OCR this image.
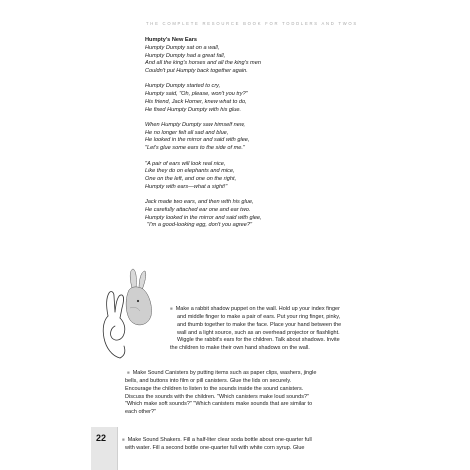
THE COMPLETE RESOURCE BOOK FOR TODDLERS AND TWOS
Humpty's New Ears
Humpty Dumpty sat on a wall,
Humpty Dumpty had a great fall,
And all the king's horses and all the king's men
Couldn't put Humpty back together again.
Humpty Dumpty started to cry,
Humpty said, "Oh, please, won't you try?"
His friend, Jack Horner, knew what to do,
He fixed Humpty Dumpty with his glue.
When Humpty Dumpty saw himself new,
He no longer felt all sad and blue,
He looked in the mirror and said with glee,
"Let's glue some ears to the side of me."
"A pair of ears will look real nice,
Like they do on elephants and mice,
One on the left, and one on the right,
Humpty with ears—what a sight!"
Jack made two ears, and then with his glue,
He carefully attached ear one and ear two.
Humpty looked in the mirror and said with glee,
"I'm a good-looking egg, don't you agree?"
■ Make a rabbit shadow puppet on the wall. Hold up your index finger
and middle finger to make a pair of ears. Put your ring finger, pinky,
and thumb together to make the face. Place your hand between the
wall and a light source, such as an overhead projector or flashlight.
Wiggle the rabbit's ears for the children. Talk about shadows. Invite
the children to make their own hand shadows on the wall.
■ Make Sound Canisters by putting items such as paper clips, washers, jingle
bells, and buttons into film or pill canisters. Glue the lids on securely.
Encourage the children to listen to the sounds inside the sound canisters.
Discuss the sounds with the children. "Which canisters make loud sounds?"
"Which make soft sounds?" "Which canisters make sounds that are similar to
each other?"
■ Make Sound Shakers. Fill a half-liter clear soda bottle about one-quarter full
with water. Fill a second bottle one-quarter full with white corn syrup. Glue
22
